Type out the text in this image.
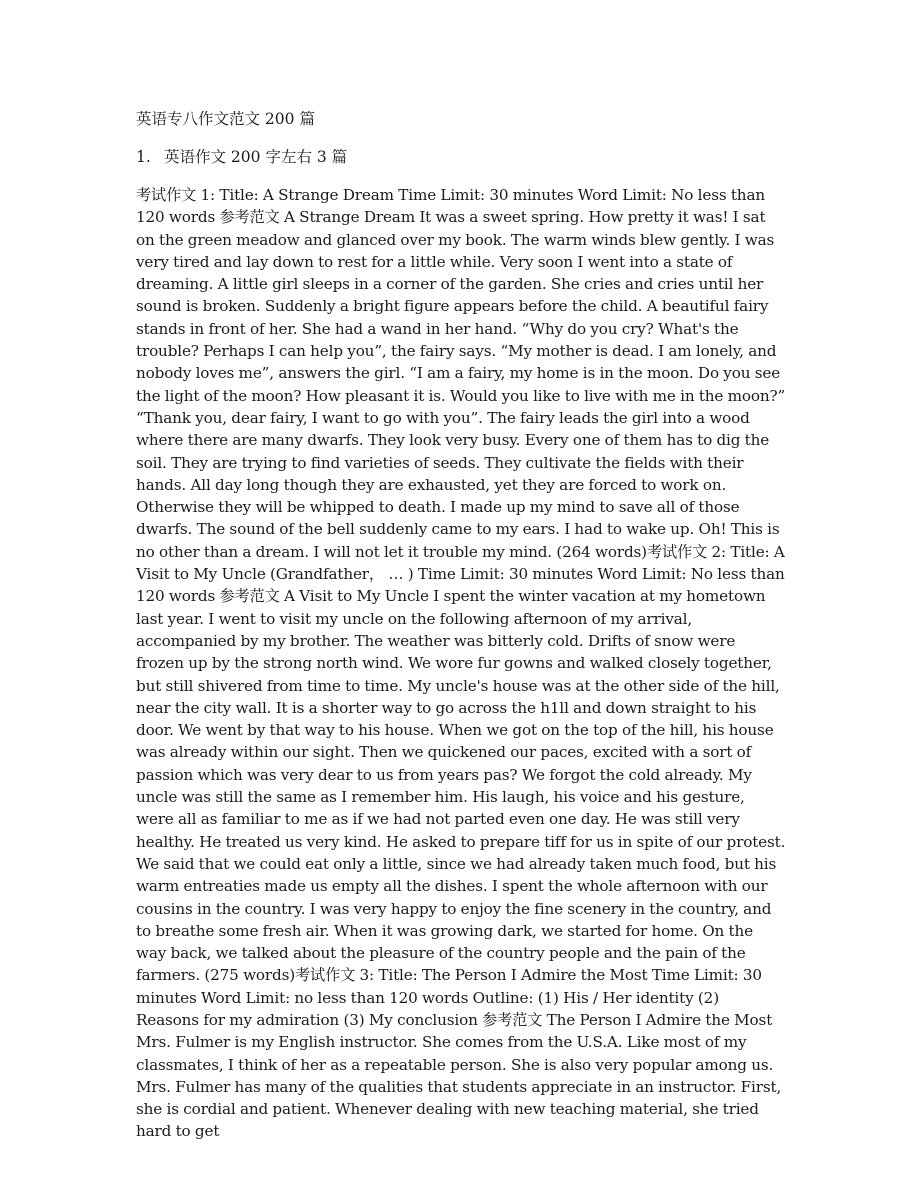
英语专八作文范文 200 篇
1. 英语作文 200 字左右 3 篇

考试作文 1: Title: A Strange Dream Time Limit: 30 minutes Word Limit: No less than 120 words 参考范文 A Strange Dream It was a sweet spring. How pretty it was! I sat on the green meadow and glanced over my book. The warm winds blew gently. I was very tired and lay down to rest for a little while. Very soon I went into a state of dreaming. A little girl sleeps in a corner of the garden. She cries and cries until her sound is broken. Suddenly a bright figure appears before the child. A beautiful fairy stands in front of her. She had a wand in her hand. “Why do you cry? What's the trouble? Perhaps I can help you”, the fairy says. “My mother is dead. I am lonely, and nobody loves me”, answers the girl. “I am a fairy, my home is in the moon. Do you see the light of the moon? How pleasant it is. Would you like to live with me in the moon?” “Thank you, dear fairy, I want to go with you”. The fairy leads the girl into a wood where there are many dwarfs. They look very busy. Every one of them has to dig the soil. They are trying to find varieties of seeds. They cultivate the fields with their hands. All day long though they are exhausted, yet they are forced to work on. Otherwise they will be whipped to death. I made up my mind to save all of those dwarfs. The sound of the bell suddenly came to my ears. I had to wake up. Oh! This is no other than a dream. I will not let it trouble my mind. (264 words)考试作文 2: Title: A Visit to My Uncle (Grandfather， … ) Time Limit: 30 minutes Word Limit: No less than 120 words 参考范文 A Visit to My Uncle I spent the winter vacation at my hometown last year. I went to visit my uncle on the following afternoon of my arrival, accompanied by my brother. The weather was bitterly cold. Drifts of snow were frozen up by the strong north wind. We wore fur gowns and walked closely together, but still shivered from time to time. My uncle's house was at the other side of the hill, near the city wall. It is a shorter way to go across the h1ll and down straight to his door. We went by that way to his house. When we got on the top of the hill, his house was already within our sight. Then we quickened our paces, excited with a sort of passion which was very dear to us from years pas? We forgot the cold already. My uncle was still the same as I remember him. His laugh, his voice and his gesture, were all as familiar to me as if we had not parted even one day. He was still very healthy. He treated us very kind. He asked to prepare tiff for us in spite of our protest. We said that we could eat only a little, since we had already taken much food, but his warm entreaties made us empty all the dishes. I spent the whole afternoon with our cousins in the country. I was very happy to enjoy the fine scenery in the country, and to breathe some fresh air. When it was growing dark, we started for home. On the way back, we talked about the pleasure of the country people and the pain of the farmers. (275 words)考试作文 3: Title: The Person I Admire the Most Time Limit: 30 minutes Word Limit: no less than 120 words Outline: (1) His / Her identity (2) Reasons for my admiration (3) My conclusion 参考范文 The Person I Admire the Most Mrs. Fulmer is my English instructor. She comes from the U.S.A. Like most of my classmates, I think of her as a repeatable person. She is also very popular among us. Mrs. Fulmer has many of the qualities that students appreciate in an instructor. First, she is cordial and patient. Whenever dealing with new teaching material, she tried hard to get
